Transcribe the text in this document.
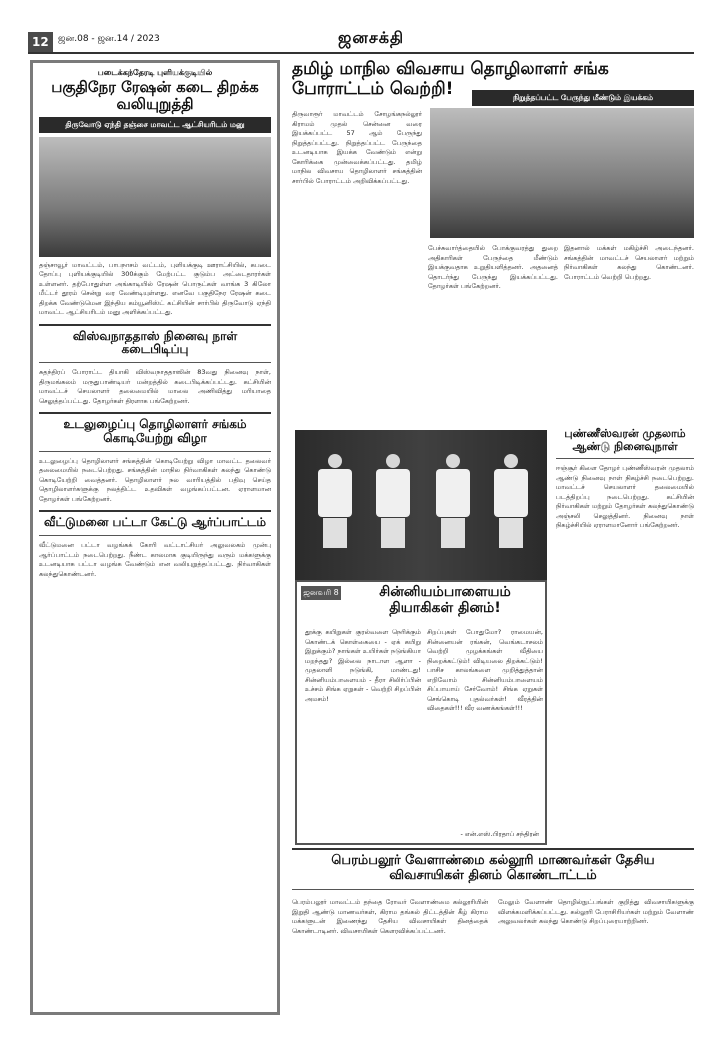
12	ஜன.08 - ஜன.14 / 2023	ஜனசக்தி
படைக்கந்தேரடி புளியக்குடியில்
பகுதிநேர ரேஷன் கடை திறக்க வலியுறுத்தி
திருவோடு ஏந்தி தஞ்சை மாவட்ட ஆட்சியரிடம் மனு

தஞ்சாவூர் மாவட்டம், பாபநாசம் வட்டம், புளியக்குடி ஊராட்சியில், கபடை தோப்பு புளியக்குடியில் 300க்கும் மேற்பட்ட குடும்ப அட்டைதாரர்கள் உள்ளனர். தற்போதுள்ள அங்காடியில் ரேஷன் பொருட்கள் வாங்க 3 கிலோ மீட்டர் தூரம் சென்று வர வேண்டியுள்ளது. எனவே பகுதிநேர ரேஷன் கடை திறக்க வேண்டுமென இந்திய கம்யூனிஸ்ட் கட்சியின் சார்பில் திருவோடு ஏந்தி மாவட்ட ஆட்சியரிடம் மனு அளிக்கப்பட்டது.

விஸ்வநாததாஸ் நினைவு நாள் கடைபிடிப்பு

சுதந்திரப் போராட்ட தியாகி விஸ்வநாததாஸின் 83வது நினைவு நாள், திருமங்கலம் மருதுபாண்டியர் மன்றத்தில் கடைபிடிக்கப்பட்டது. கட்சியின் மாவட்டச் செயலாளர் தலைமையில் மாலை அணிவித்து மரியாதை செலுத்தப்பட்டது. தோழர்கள் திரளாக பங்கேற்றனர்.

உடலுழைப்பு தொழிலாளர் சங்கம் கொடியேற்று விழா

உடலுழைப்பு தொழிலாளர் சங்கத்தின் கொடியேற்று விழா மாவட்ட தலைவர் தலைமையில் நடைபெற்றது. சங்கத்தின் மாநில நிர்வாகிகள் கலந்து கொண்டு கொடியேற்றி வைத்தனர். தொழிலாளர் நல வாரியத்தில் பதிவு செய்த தொழிலாளர்களுக்கு நலத்திட்ட உதவிகள் வழங்கப்பட்டன. ஏராளமான தோழர்கள் பங்கேற்றனர்.

வீட்டுமனை பட்டா கேட்டு ஆர்ப்பாட்டம்

வீட்டுமனை பட்டா வழங்கக் கோரி வட்டாட்சியர் அலுவலகம் முன்பு ஆர்ப்பாட்டம் நடைபெற்றது. நீண்ட காலமாக குடியிருந்து வரும் மக்களுக்கு உடனடியாக பட்டா வழங்க வேண்டும் என வலியுறுத்தப்பட்டது. நிர்வாகிகள் கலந்துகொண்டனர்.

தமிழ் மாநில விவசாய தொழிலாளர் சங்க போராட்டம் வெற்றி!	நிறுத்தப்பட்ட பேருந்து மீண்டும் இயக்கம்

திருவாரூர் மாவட்டம் சோழங்கநல்லூர் கிராமம் முதல் சென்னை வரை இயக்கப்பட்ட 57 ஆம் பேருந்து நிறுத்தப்பட்டது. நிறுத்தப்பட்ட பேருந்தை உடனடியாக இயக்க வேண்டும் என்று கோரிக்கை முன்வைக்கப்பட்டது. தமிழ் மாநில விவசாய தொழிலாளர் சங்கத்தின் சார்பில் போராட்டம் அறிவிக்கப்பட்டது.

பேச்சுவார்த்தையில் போக்குவரத்து துறை அதிகாரிகள் பேருந்தை மீண்டும் இயக்குவதாக உறுதியளித்தனர். அதனைத் தொடர்ந்து பேருந்து இயக்கப்பட்டது. தோழர்கள் பங்கேற்றனர்.

இதனால் மக்கள் மகிழ்ச்சி அடைந்தனர். சங்கத்தின் மாவட்டச் செயலாளர் மற்றும் நிர்வாகிகள் கலந்து கொண்டனர். போராட்டம் வெற்றி பெற்றது.

ஜனவரி 8	சின்னியம்பாளையம் தியாகிகள் தினம்!

தூக்கு கயிறுகள் குரல்வளை நெரிக்கும் கொண்டக் கொள்கையை - ஏக் கயிறு இறுக்கும்? நாங்கள் உயிர்கள் நடுங்கியா மறந்தது? இல்லை நாடாள ஆளா - முதலாளி நடுங்கி, மாண்டது! சின்னியம்பாளையம் - தீரா சிலிர்ப்பின் உச்சம் சிங்க ஏறுகள் - வெற்றி சிறப்பின் அமசம்!

சிறப்புகள் போதுமோ? ராமையன், சின்னையன் ரங்கன், வெங்கடாசலம் வெற்றி முழக்கங்கள் வீதியை நிறைக்கட்டும்! விடியலை திறக்கட்டும்! பாசிச காலங்களை முறித்துத்தான் எறிவோம் சின்னியம்பாளையம் சிப்பாயாய் சேர்வோம்! சிங்க ஏறுகள் செங்கொடி புதல்வர்கள்! வீரத்தின் விதைகள்!!! வீர வணக்கங்கள்!!!

- என்.எஸ்.பிரதாப் சந்திரன்
புண்ணீஸ்வரன் முதலாம் ஆண்டு நினைவுநாள்

ஈஞ்சூர் கிளை தோழர் புண்ணீஸ்வரன் முதலாம் ஆண்டு நினைவு நாள் நிகழ்ச்சி நடைபெற்றது. மாவட்டச் செயலாளர் தலைமையில் படத்திறப்பு நடைபெற்றது. கட்சியின் நிர்வாகிகள் மற்றும் தோழர்கள் கலந்துகொண்டு அஞ்சலி செலுத்தினர். நினைவு நாள் நிகழ்ச்சியில் ஏராளமானோர் பங்கேற்றனர்.

பெரம்பலூர் வேளாண்மை கல்லூரி மாணவர்கள் தேசிய விவசாயிகள் தினம் கொண்டாட்டம்

பெரம்பலூர் மாவட்டம் தந்தை ரோவர் வேளாண்மை கல்லூரியின் இறுதி ஆண்டு மாணவர்கள், கிராம தங்கல் திட்டத்தின் கீழ் கிராம மக்களுடன் இணைந்து தேசிய விவசாயிகள் தினத்தைக் கொண்டாடினர். விவசாயிகள் கௌரவிக்கப்பட்டனர்.

மேலும் வேளாண் தொழில்நுட்பங்கள் குறித்து விவசாயிகளுக்கு விளக்கமளிக்கப்பட்டது. கல்லூரி பேராசிரியர்கள் மற்றும் வேளாண் அலுவலர்கள் கலந்து கொண்டு சிறப்புரையாற்றினர்.
